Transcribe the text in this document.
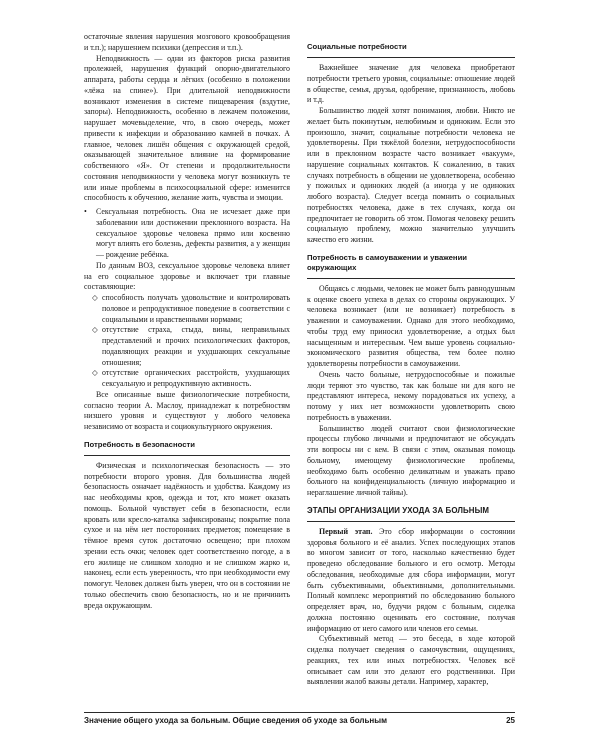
остаточные явления нарушения мозгового кровообращения и т.п.); нарушением психики (депрессия и т.п.).

Неподвижность — одни из факторов риска развития пролежней, нарушения функций опорно-двигательного аппарата, работы сердца и лёгких (особенно в положении «лёжа на спине»). При длительной неподвижности возникают изменения в системе пищеварения (вздутие, запоры). Неподвижность, особенно в лежачем положении, нарушает мочевыделение, что, в свою очередь, может привести к инфекции и образованию камней в почках. А главное, человек лишён общения с окружающей средой, оказывающей значительное влияние на формирование собственного «Я». От степени и продолжительности состояния неподвижности у человека могут возникнуть те или иные проблемы в психосоциальной сфере: изменится способность к обучению, желание жить, чувства и эмоции.

•	Сексуальная потребность. Она не исчезает даже при заболевании или достижении преклонного возраста. На сексуальное здоровье человека прямо или косвенно могут влиять его болезнь, дефекты развития, а у женщин — рождение ребёнка.

По данным ВОЗ, сексуальное здоровье человека влияет на его социальное здоровье и включает три главные составляющие:

◇ способность получать удовольствие и контролировать половое и репродуктивное поведение в соответствии с социальными и нравственными нормами;

◇ отсутствие страха, стыда, вины, неправильных представлений и прочих психологических факторов, подавляющих реакции и ухудшающих сексуальные отношения;

◇ отсутствие органических расстройств, ухудшающих сексуальную и репродуктивную активность.

Все описанные выше физиологические потребности, согласно теории А. Маслоу, принадлежат к потребностям низшего уровня и существуют у любого человека независимо от возраста и социокультурного окружения.

Потребность в безопасности

Физическая и психологическая безопасность — это потребности второго уровня. Для большинства людей безопасность означает надёжность и удобства. Каждому из нас необходимы кров, одежда и тот, кто может оказать помощь. Больной чувствует себя в безопасности, если кровать или кресло-каталка зафиксированы; покрытие пола сухое и на нём нет посторонних предметов; помещение в тёмное время суток достаточно освещено; при плохом зрении есть очки; человек одет соответственно погоде, а в его жилище не слишком холодно и не слишком жарко и, наконец, если есть уверенность, что при необходимости ему помогут. Человек должен быть уверен, что он в состоянии не только обеспечить свою безопасность, но и не причинить вреда окружающим.

Социальные потребности

Важнейшее значение для человека приобретают потребности третьего уровня, социальные: отношение людей в обществе, семья, друзья, одобрение, признанность, любовь и т.д.

Большинство людей хотят понимания, любви. Никто не желает быть покинутым, нелюбимым и одиноким. Если это произошло, значит, социальные потребности человека не удовлетворены. При тяжёлой болезни, нетрудоспособности или в преклонном возрасте часто возникает «вакуум», нарушение социальных контактов. К сожалению, в таких случаях потребность в общении не удовлетворена, особенно у пожилых и одиноких людей (а иногда у не одиноких любого возраста). Следует всегда помнить о социальных потребностях человека, даже в тех случаях, когда он предпочитает не говорить об этом. Помогая человеку решить социальную проблему, можно значительно улучшить качество его жизни.

Потребность в самоуважении и уважении окружающих

Общаясь с людьми, человек не может быть равнодушным к оценке своего успеха в делах со стороны окружающих. У человека возникает (или не возникает) потребность в уважении и самоуважении. Однако для этого необходимо, чтобы труд ему приносил удовлетворение, а отдых был насыщенным и интересным. Чем выше уровень социально-экономического развития общества, тем более полно удовлетворены потребности в самоуважении.

Очень часто больные, нетрудоспособные и пожилые люди теряют это чувство, так как больше ни для кого не представляют интереса, некому порадоваться их успеху, а потому у них нет возможности удовлетворить свою потребность в уважении.

Большинство людей считают свои физиологические процессы глубоко личными и предпочитают не обсуждать эти вопросы ни с кем. В связи с этим, оказывая помощь больному, имеющему физиологические проблемы, необходимо быть особенно деликатным и уважать право больного на конфиденциальность (личную информацию и нераглашение личной тайны).

ЭТАПЫ ОРГАНИЗАЦИИ УХОДА ЗА БОЛЬНЫМ

Первый этап. Это сбор информации о состоянии здоровья больного и её анализ. Успех последующих этапов во многом зависит от того, насколько качественно будет проведено обследование больного и его осмотр. Методы обследования, необходимые для сбора информации, могут быть субъективными, объективными, дополнительными. Полный комплекс мероприятий по обследованию больного определяет врач, но, будучи рядом с больным, сиделка должна постоянно оценивать его состояние, получая информацию от него самого или членов его семьи.

Субъективный метод — это беседа, в ходе которой сиделка получает сведения о самочувствии, ощущениях, реакциях, тех или иных потребностях. Человек всё описывает сам или это делают его родственники. При выявлении жалоб важны детали. Например, характер,

Значение общего ухода за больным. Общие сведения об уходе за больным	25
